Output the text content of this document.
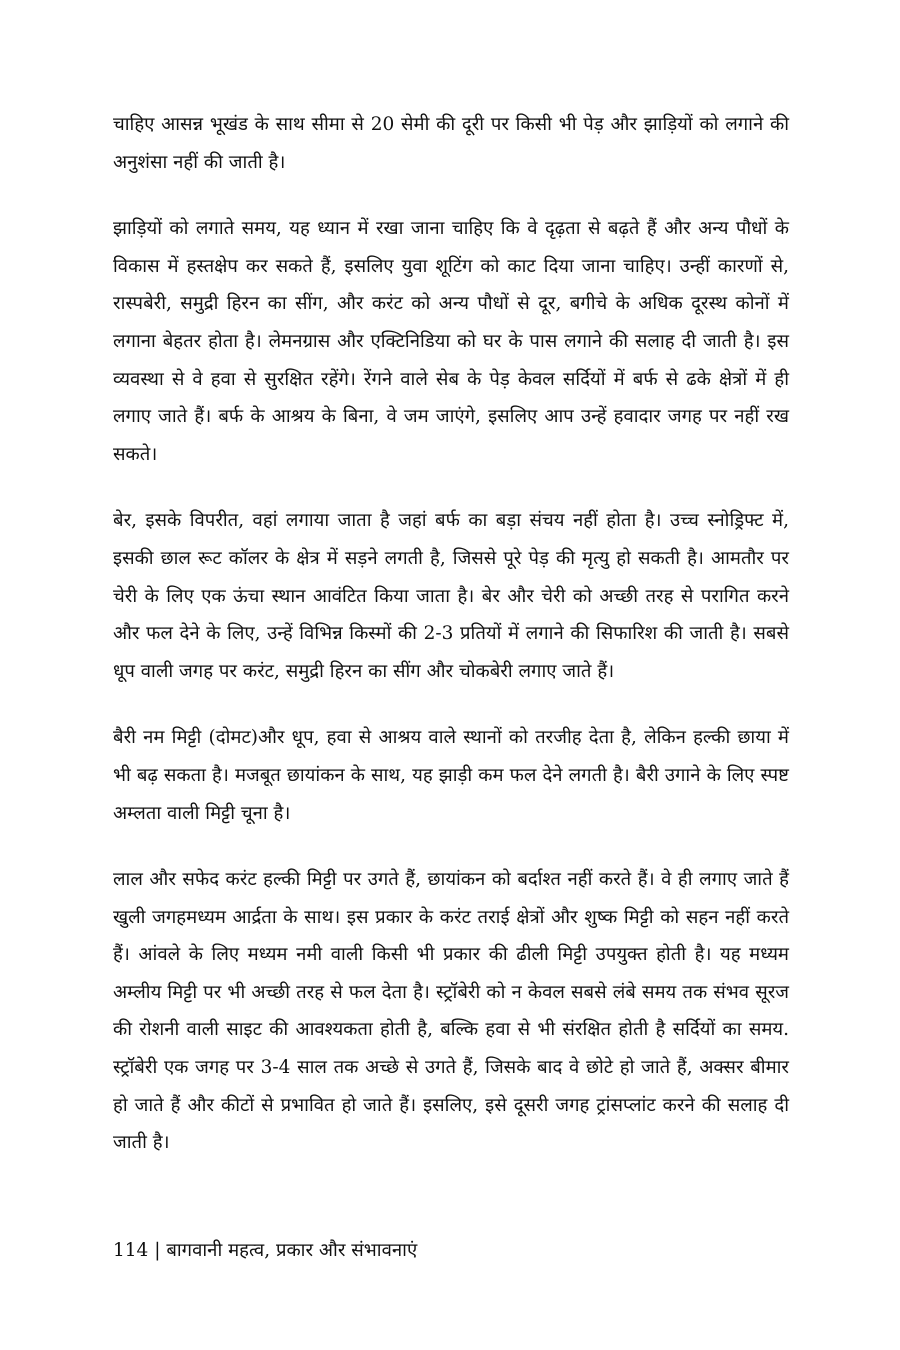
चाहिए आसन्न भूखंड के साथ सीमा से 20 सेमी की दूरी पर किसी भी पेड़ और झाड़ियों को लगाने की अनुशंसा नहीं की जाती है।

झाड़ियों को लगाते समय, यह ध्यान में रखा जाना चाहिए कि वे दृढ़ता से बढ़ते हैं और अन्य पौधों के विकास में हस्तक्षेप कर सकते हैं, इसलिए युवा शूटिंग को काट दिया जाना चाहिए। उन्हीं कारणों से, रास्पबेरी, समुद्री हिरन का सींग, और करंट को अन्य पौधों से दूर, बगीचे के अधिक दूरस्थ कोनों में लगाना बेहतर होता है। लेमनग्रास और एक्टिनिडिया को घर के पास लगाने की सलाह दी जाती है। इस व्यवस्था से वे हवा से सुरक्षित रहेंगे। रेंगने वाले सेब के पेड़ केवल सर्दियों में बर्फ से ढके क्षेत्रों में ही लगाए जाते हैं। बर्फ के आश्रय के बिना, वे जम जाएंगे, इसलिए आप उन्हें हवादार जगह पर नहीं रख सकते।

बेर, इसके विपरीत, वहां लगाया जाता है जहां बर्फ का बड़ा संचय नहीं होता है। उच्च स्नोड्रिफ्ट में, इसकी छाल रूट कॉलर के क्षेत्र में सड़ने लगती है, जिससे पूरे पेड़ की मृत्यु हो सकती है। आमतौर पर चेरी के लिए एक ऊंचा स्थान आवंटित किया जाता है। बेर और चेरी को अच्छी तरह से परागित करने और फल देने के लिए, उन्हें विभिन्न किस्मों की 2-3 प्रतियों में लगाने की सिफारिश की जाती है। सबसे धूप वाली जगह पर करंट, समुद्री हिरन का सींग और चोकबेरी लगाए जाते हैं।

बैरी नम मिट्टी (दोमट)और धूप, हवा से आश्रय वाले स्थानों को तरजीह देता है, लेकिन हल्की छाया में भी बढ़ सकता है। मजबूत छायांकन के साथ, यह झाड़ी कम फल देने लगती है। बैरी उगाने के लिए स्पष्ट अम्लता वाली मिट्टी चूना है।

लाल और सफेद करंट हल्की मिट्टी पर उगते हैं, छायांकन को बर्दाश्त नहीं करते हैं। वे ही लगाए जाते हैं खुली जगहमध्यम आर्द्रता के साथ। इस प्रकार के करंट तराई क्षेत्रों और शुष्क मिट्टी को सहन नहीं करते हैं। आंवले के लिए मध्यम नमी वाली किसी भी प्रकार की ढीली मिट्टी उपयुक्त होती है। यह मध्यम अम्लीय मिट्टी पर भी अच्छी तरह से फल देता है। स्ट्रॉबेरी को न केवल सबसे लंबे समय तक संभव सूरज की रोशनी वाली साइट की आवश्यकता होती है, बल्कि हवा से भी संरक्षित होती है सर्दियों का समय. स्ट्रॉबेरी एक जगह पर 3-4 साल तक अच्छे से उगते हैं, जिसके बाद वे छोटे हो जाते हैं, अक्सर बीमार हो जाते हैं और कीटों से प्रभावित हो जाते हैं। इसलिए, इसे दूसरी जगह ट्रांसप्लांट करने की सलाह दी जाती है।

114 | बागवानी महत्व, प्रकार और संभावनाएं
